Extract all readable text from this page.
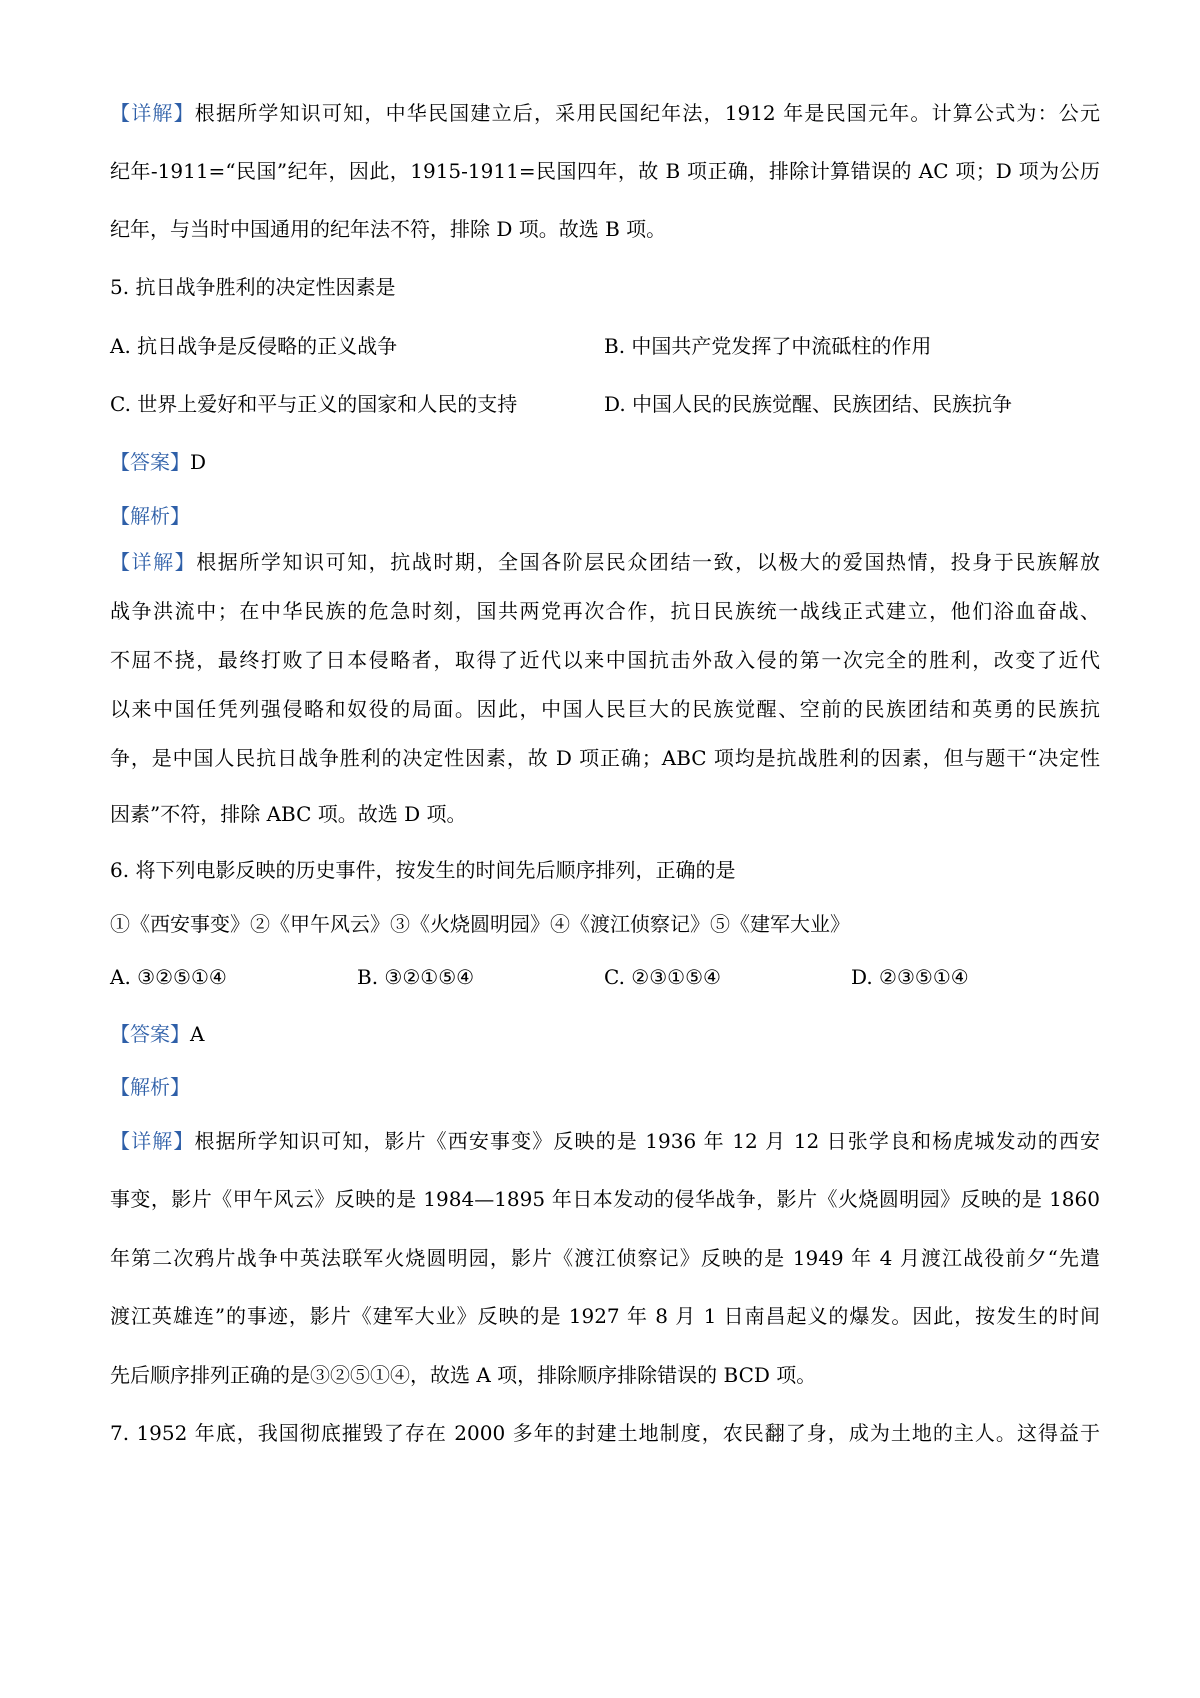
【详解】根据所学知识可知，中华民国建立后，采用民国纪年法，1912 年是民国元年。计算公式为：公元
纪年-1911=“民国”纪年，因此，1915-1911=民国四年，故 B 项正确，排除计算错误的 AC 项；D 项为公历
纪年，与当时中国通用的纪年法不符，排除 D 项。故选 B 项。
5. 抗日战争胜利的决定性因素是
A. 抗日战争是反侵略的正义战争	B. 中国共产党发挥了中流砥柱的作用
C. 世界上爱好和平与正义的国家和人民的支持	D. 中国人民的民族觉醒、民族团结、民族抗争
【答案】D
【解析】
【详解】根据所学知识可知，抗战时期，全国各阶层民众团结一致，以极大的爱国热情，投身于民族解放
战争洪流中；在中华民族的危急时刻，国共两党再次合作，抗日民族统一战线正式建立，他们浴血奋战、
不屈不挠，最终打败了日本侵略者，取得了近代以来中国抗击外敌入侵的第一次完全的胜利，改变了近代
以来中国任凭列强侵略和奴役的局面。因此，中国人民巨大的民族觉醒、空前的民族团结和英勇的民族抗
争，是中国人民抗日战争胜利的决定性因素，故 D 项正确；ABC 项均是抗战胜利的因素，但与题干“决定性
因素”不符，排除 ABC 项。故选 D 项。
6. 将下列电影反映的历史事件，按发生的时间先后顺序排列，正确的是
①《西安事变》②《甲午风云》③《火烧圆明园》④《渡江侦察记》⑤《建军大业》
A. ③②⑤①④	B. ③②①⑤④	C. ②③①⑤④	D. ②③⑤①④
【答案】A
【解析】
【详解】根据所学知识可知，影片《西安事变》反映的是 1936 年 12 月 12 日张学良和杨虎城发动的西安
事变，影片《甲午风云》反映的是 1984—1895 年日本发动的侵华战争，影片《火烧圆明园》反映的是 1860
年第二次鸦片战争中英法联军火烧圆明园，影片《渡江侦察记》反映的是 1949 年 4 月渡江战役前夕“先遣
渡江英雄连”的事迹，影片《建军大业》反映的是 1927 年 8 月 1 日南昌起义的爆发。因此，按发生的时间
先后顺序排列正确的是③②⑤①④，故选 A 项，排除顺序排除错误的 BCD 项。
7. 1952 年底，我国彻底摧毁了存在 2000 多年的封建土地制度，农民翻了身，成为土地的主人。这得益于
